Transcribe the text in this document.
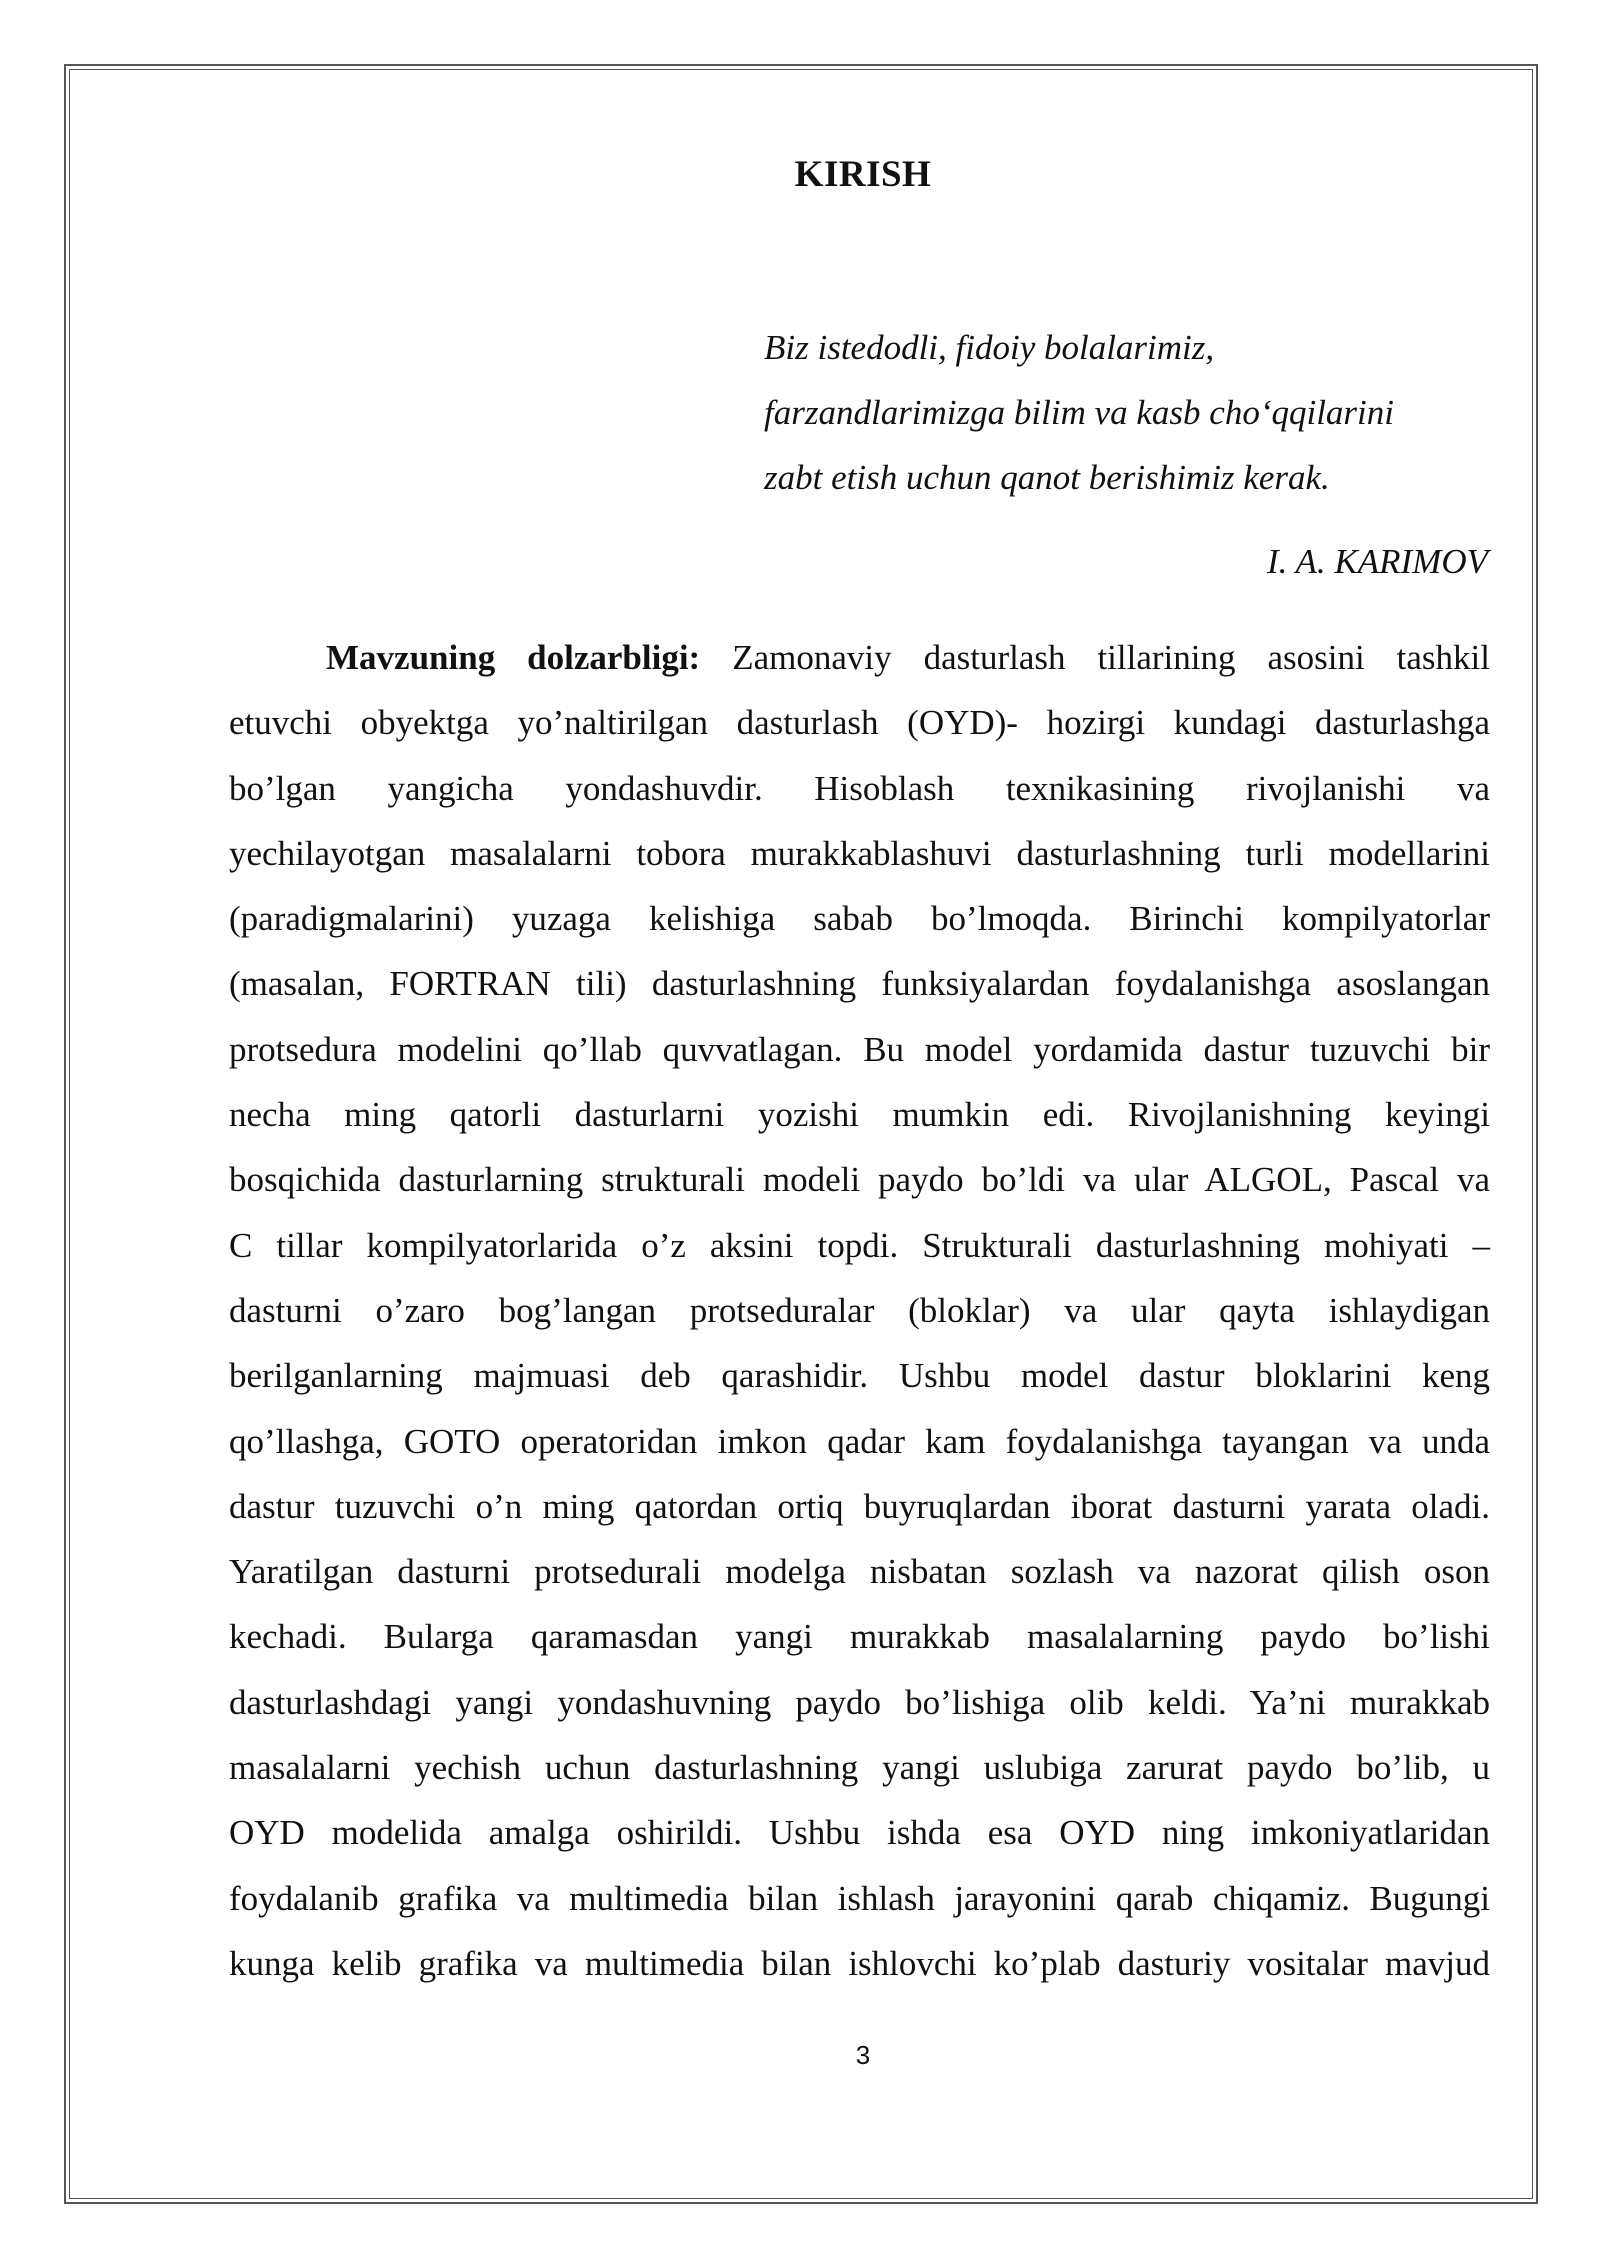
KIRISH
Biz istedodli, fidoiy bolalarimiz,
farzandlarimizga bilim va kasb cho‘qqilarini
zabt etish uchun qanot berishimiz kerak.
I. A. KARIMOV
Mavzuning dolzarbligi: Zamonaviy dasturlash tillarining asosini tashkil
etuvchi obyektga yo’naltirilgan dasturlash (OYD)- hozirgi kundagi dasturlashga
bo’lgan yangicha yondashuvdir. Hisoblash texnikasining rivojlanishi va
yechilayotgan masalalarni tobora murakkablashuvi dasturlashning turli modellarini
(paradigmalarini) yuzaga kelishiga sabab bo’lmoqda. Birinchi kompilyatorlar
(masalan, FORTRAN tili) dasturlashning funksiyalardan foydalanishga asoslangan
protsedura modelini qo’llab quvvatlagan. Bu model yordamida dastur tuzuvchi bir
necha ming qatorli dasturlarni yozishi mumkin edi. Rivojlanishning keyingi
bosqichida dasturlarning strukturali modeli paydo bo’ldi va ular ALGOL, Pascal va
C tillar kompilyatorlarida o’z aksini topdi. Strukturali dasturlashning mohiyati –
dasturni o’zaro bog’langan protseduralar (bloklar) va ular qayta ishlaydigan
berilganlarning majmuasi deb qarashidir. Ushbu model dastur bloklarini keng
qo’llashga, GOTO operatoridan imkon qadar kam foydalanishga tayangan va unda
dastur tuzuvchi o’n ming qatordan ortiq buyruqlardan iborat dasturni yarata oladi.
Yaratilgan dasturni protsedurali modelga nisbatan sozlash va nazorat qilish oson
kechadi. Bularga qaramasdan yangi murakkab masalalarning paydo bo’lishi
dasturlashdagi yangi yondashuvning paydo bo’lishiga olib keldi. Ya’ni murakkab
masalalarni yechish uchun dasturlashning yangi uslubiga zarurat paydo bo’lib, u
OYD modelida amalga oshirildi. Ushbu ishda esa OYD ning imkoniyatlaridan
foydalanib grafika va multimedia bilan ishlash jarayonini qarab chiqamiz. Bugungi
kunga kelib grafika va multimedia bilan ishlovchi ko’plab dasturiy vositalar mavjud
3
